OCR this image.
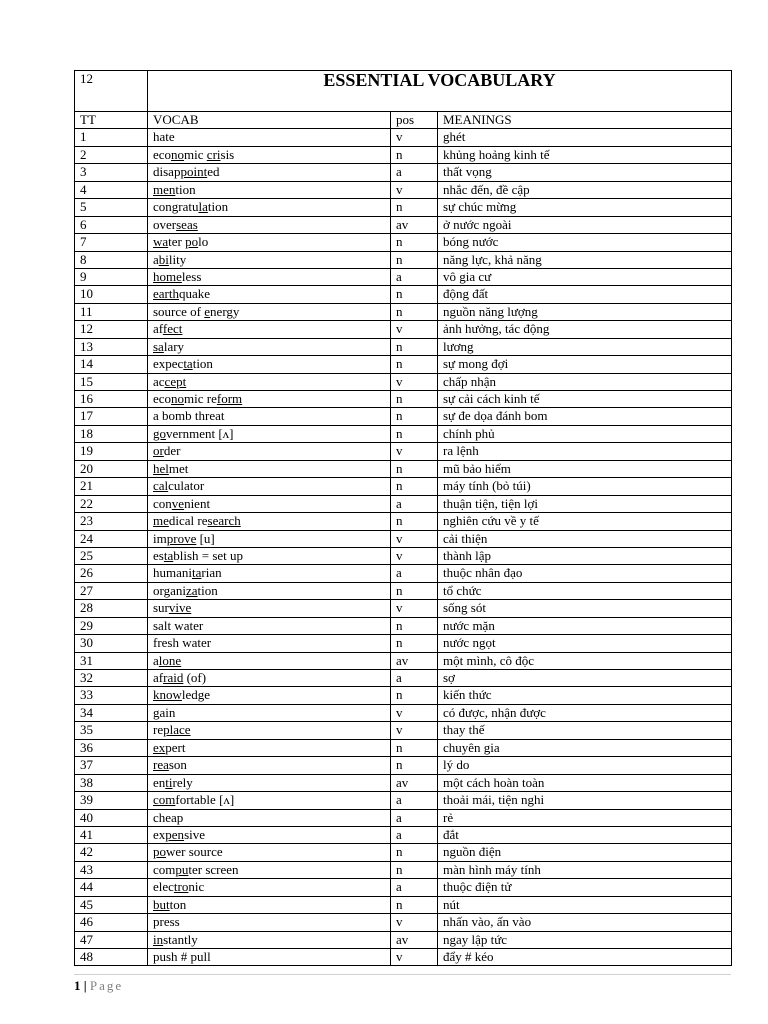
12	ESSENTIAL VOCABULARY		
TT	VOCAB	pos	MEANINGS
1	hate	v	ghét
2	economic crisis	n	khủng hoảng kinh tế
3	disappointed	a	thất vọng
4	mention	v	nhắc đến, đề cập
5	congratulation	n	sự chúc mừng
6	overseas	av	ở nước ngoài
7	water polo	n	bóng nước
8	ability	n	năng lực, khả năng
9	homeless	a	vô gia cư
10	earthquake	n	động đất
11	source of energy	n	nguồn năng lượng
12	affect	v	ảnh hưởng, tác động
13	salary	n	lương
14	expectation	n	sự mong đợi
15	accept	v	chấp nhận
16	economic reform	n	sự cải cách kinh tế
17	a bomb threat	n	sự đe dọa đánh bom
18	government [ʌ]	n	chính phủ
19	order	v	ra lệnh
20	helmet	n	mũ bảo hiểm
21	calculator	n	máy tính (bỏ túi)
22	convenient	a	thuận tiện, tiện lợi
23	medical research	n	nghiên cứu về y tế
24	improve [u]	v	cải thiện
25	establish = set up	v	thành lập
26	humanitarian	a	thuộc nhân đạo
27	organization	n	tổ chức
28	survive	v	sống sót
29	salt water	n	nước mặn
30	fresh water	n	nước ngọt
31	alone	av	một mình, cô độc
32	afraid (of)	a	sợ
33	knowledge	n	kiến thức
34	gain	v	có được, nhận được
35	replace	v	thay thế
36	expert	n	chuyên gia
37	reason	n	lý do
38	entirely	av	một cách hoàn toàn
39	comfortable [ʌ]	a	thoải mái, tiện nghi
40	cheap	a	rẻ
41	expensive	a	đắt
42	power source	n	nguồn điện
43	computer screen	n	màn hình máy tính
44	electronic	a	thuộc điện tử
45	button	n	nút
46	press	v	nhấn vào, ấn vào
47	instantly	av	ngay lập tức
48	push # pull	v	đẩy # kéo
1 | Page
